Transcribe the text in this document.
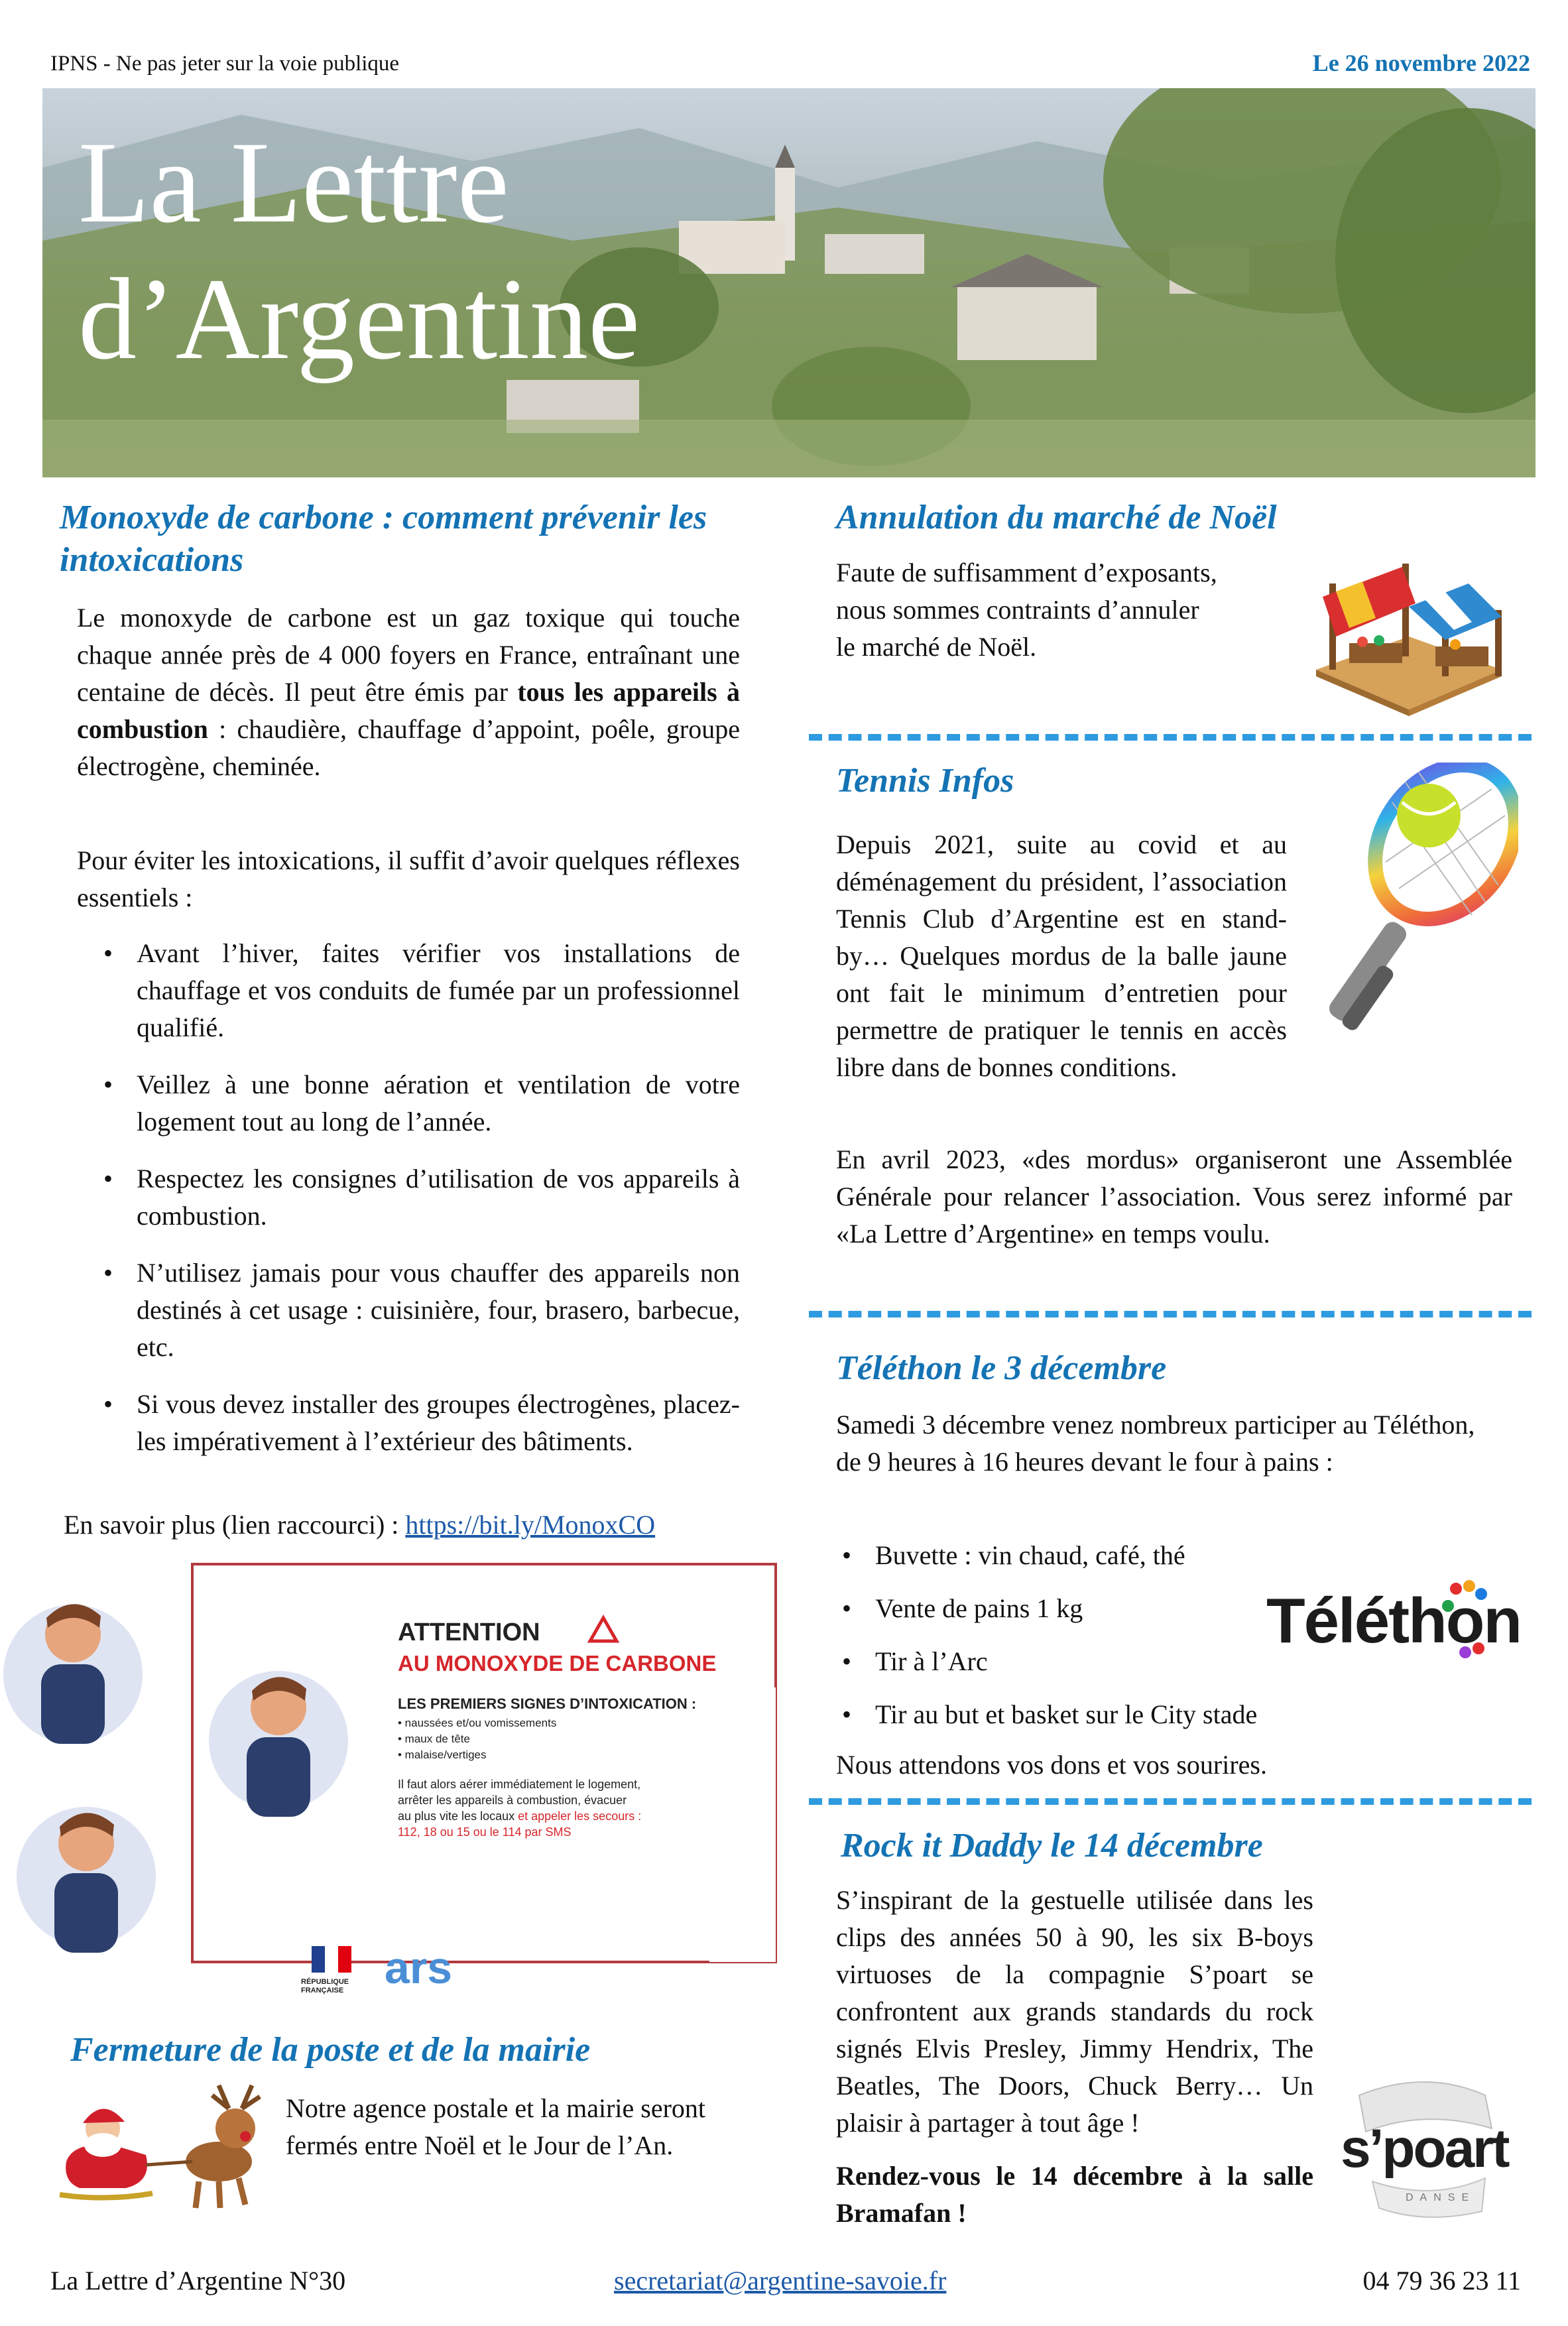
IPNS - Ne pas jeter sur la voie publique	Le 26 novembre 2022
La Lettre
d’Argentine
Monoxyde de carbone : comment prévenir les intoxications
Le monoxyde de carbone est un gaz toxique qui touche chaque année près de 4 000 foyers en France, entraînant une centaine de décès. Il peut être émis par tous les appareils à combustion : chaudière, chauffage d’appoint, poêle, groupe électrogène, cheminée.
Pour éviter les intoxications, il suffit d’avoir quelques réflexes essentiels :
• Avant l’hiver, faites vérifier vos installations de chauffage et vos conduits de fumée par un professionnel qualifié.
• Veillez à une bonne aération et ventilation de votre logement tout au long de l’année.
• Respectez les consignes d’utilisation de vos appareils à combustion.
• N’utilisez jamais pour vous chauffer des appareils non destinés à cet usage : cuisinière, four, brasero, barbecue, etc.
• Si vous devez installer des groupes électrogènes, placez-les impérativement à l’extérieur des bâtiments.
En savoir plus (lien raccourci) : https://bit.ly/MonoxCO
ATTENTION
AU MONOXYDE DE CARBONE
LES PREMIERS SIGNES D’INTOXICATION :
• naussées et/ou vomissements
• maux de tête
• malaise/vertiges
Il faut alors aérer immédiatement le logement,
arrêter les appareils à combustion, évacuer
au plus vite les locaux et appeler les secours :
112, 18 ou 15 ou le 114 par SMS
RÉPUBLIQUE FRANÇAISE ars
Fermeture de la poste et de la mairie
Notre agence postale et la mairie seront fermés entre Noël et le Jour de l’An.
Annulation du marché de Noël
Faute de suffisamment d’exposants,
nous sommes contraints d’annuler
le marché de Noël.
Tennis Infos
Depuis 2021, suite au covid et au déménagement du président, l’association Tennis Club d’Argentine est en stand-by… Quelques mordus de la balle jaune ont fait le minimum d’entretien pour permettre de pratiquer le tennis en accès libre dans de bonnes conditions.
En avril 2023, «des mordus» organiseront une Assemblée Générale pour relancer l’association. Vous serez informé par «La Lettre d’Argentine» en temps voulu.
Téléthon le 3 décembre
Samedi 3 décembre venez nombreux participer au Téléthon, de 9 heures à 16 heures devant le four à pains :
• Buvette : vin chaud, café, thé
• Vente de pains 1 kg
• Tir à l’Arc
• Tir au but et basket sur le City stade
Téléthon
Nous attendons vos dons et vos sourires.
Rock it Daddy le 14 décembre
S’inspirant de la gestuelle utilisée dans les clips des années 50 à 90, les six B-boys virtuoses de la compagnie S’poart se confrontent aux grands standards du rock signés Elvis Presley, Jimmy Hendrix, The Beatles, The Doors, Chuck Berry… Un plaisir à partager à tout âge !
Rendez-vous le 14 décembre à la salle Bramafan !
s’poart
DANSE
La Lettre d’Argentine N°30	secretariat@argentine-savoie.fr	04 79 36 23 11
